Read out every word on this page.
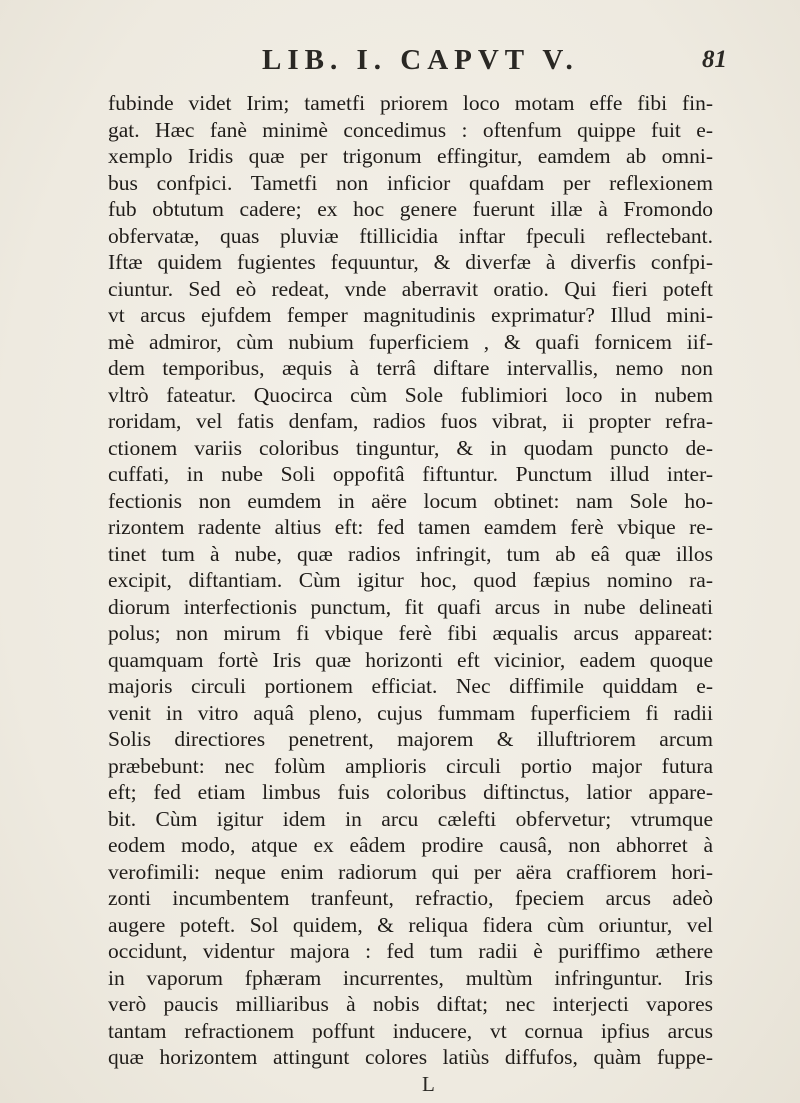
LIB. I. CAPVT V.	81
fubinde videt Irim; tametfi priorem loco motam effe fibi fin-
gat. Hæc fanè minimè concedimus : oftenfum quippe fuit e-
xemplo Iridis quæ per trigonum effingitur, eamdem ab omni-
bus confpici. Tametfi non inficior quafdam per reflexionem
fub obtutum cadere; ex hoc genere fuerunt illæ à Fromondo
obfervatæ, quas pluviæ ftillicidia inftar fpeculi reflectebant.
Iftæ quidem fugientes fequuntur, & diverfæ à diverfis confpi-
ciuntur. Sed eò redeat, vnde aberravit oratio. Qui fieri poteft
vt arcus ejufdem femper magnitudinis exprimatur? Illud mini-
mè admiror, cùm nubium fuperficiem , & quafi fornicem iif-
dem temporibus, æquis à terrâ diftare intervallis, nemo non
vltrò fateatur. Quocirca cùm Sole fublimiori loco in nubem
roridam, vel fatis denfam, radios fuos vibrat, ii propter refra-
ctionem variis coloribus tinguntur, & in quodam puncto de-
cuffati, in nube Soli oppofitâ fiftuntur. Punctum illud inter-
fectionis non eumdem in aëre locum obtinet: nam Sole ho-
rizontem radente altius eft: fed tamen eamdem ferè vbique re-
tinet tum à nube, quæ radios infringit, tum ab eâ quæ illos
excipit, diftantiam. Cùm igitur hoc, quod fæpius nomino ra-
diorum interfectionis punctum, fit quafi arcus in nube delineati
polus; non mirum fi vbique ferè fibi æqualis arcus appareat:
quamquam fortè Iris quæ horizonti eft vicinior, eadem quoque
majoris circuli portionem efficiat. Nec diffimile quiddam e-
venit in vitro aquâ pleno, cujus fummam fuperficiem fi radii
Solis directiores penetrent, majorem & illuftriorem arcum
præbebunt: nec folùm amplioris circuli portio major futura
eft; fed etiam limbus fuis coloribus diftinctus, latior appare-
bit. Cùm igitur idem in arcu cælefti obfervetur; vtrumque
eodem modo, atque ex eâdem prodire causâ, non abhorret à
verofimili: neque enim radiorum qui per aëra craffiorem hori-
zonti incumbentem tranfeunt, refractio, fpeciem arcus adeò
augere poteft. Sol quidem, & reliqua fidera cùm oriuntur, vel
occidunt, videntur majora : fed tum radii è puriffimo æthere
in vaporum fphæram incurrentes, multùm infringuntur. Iris
verò paucis milliaribus à nobis diftat; nec interjecti vapores
tantam refractionem poffunt inducere, vt cornua ipfius arcus
quæ horizontem attingunt colores latiùs diffufos, quàm fuppe-
L
